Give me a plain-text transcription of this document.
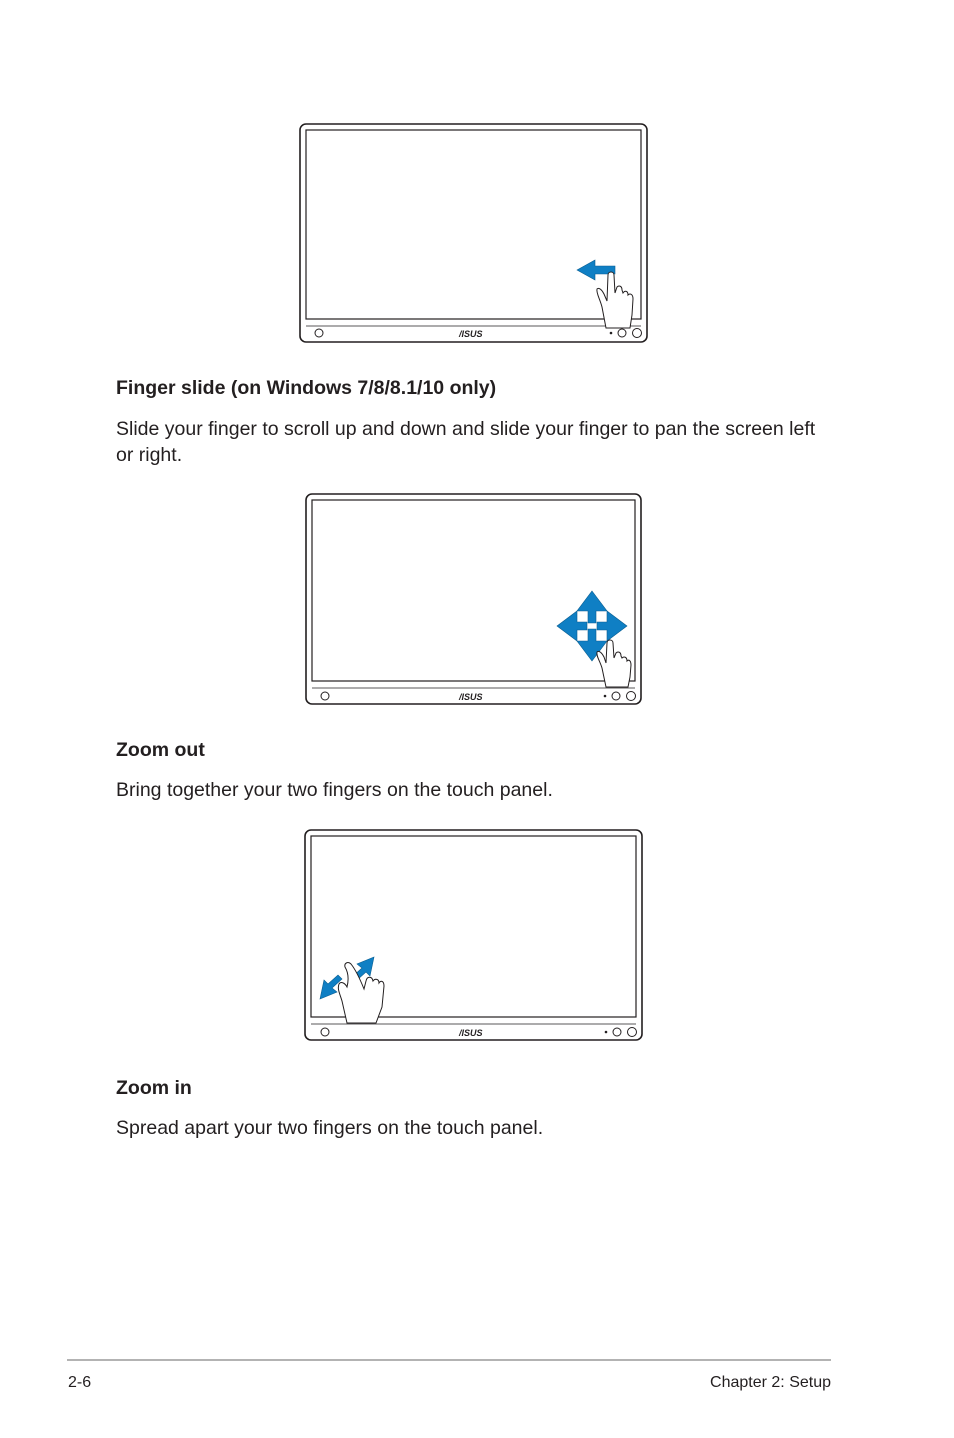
/ISUS
Finger slide (on Windows 7/8/8.1/10 only)
Slide your finger to scroll up and down and slide your finger to pan the screen left or right.
/ISUS
Zoom out
Bring together your two fingers on the touch panel.
/ISUS
Zoom in
Spread apart your two fingers on the touch panel.
2-6	Chapter 2: Setup
